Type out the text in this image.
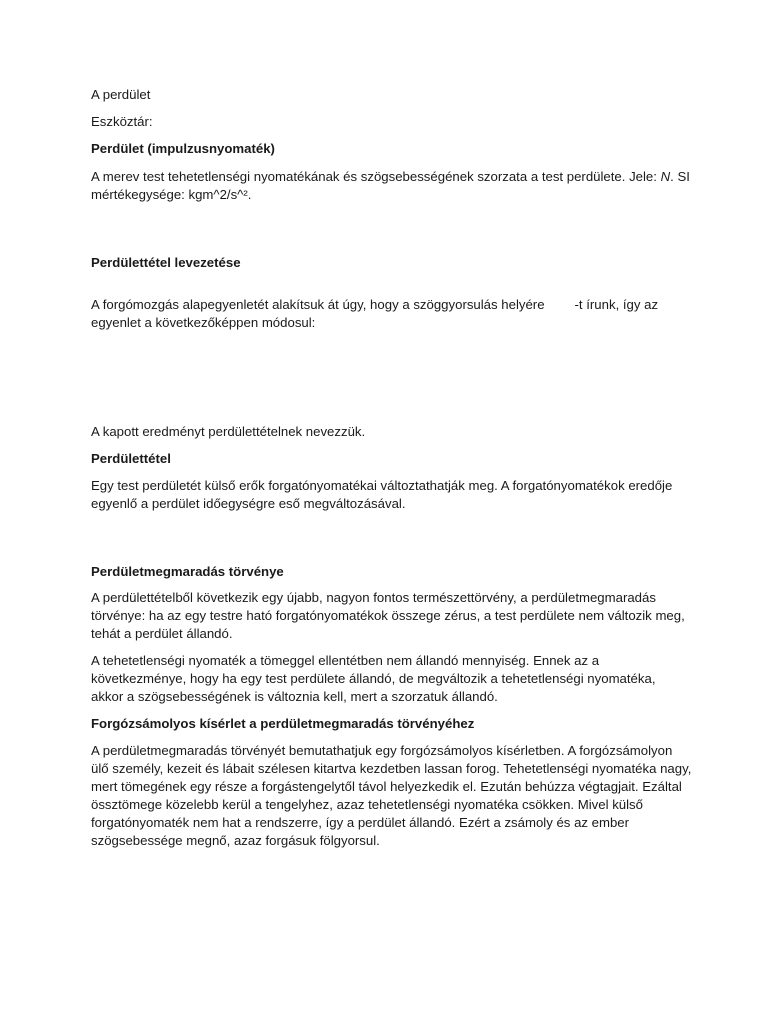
A perdület
Eszköztár:
Perdület (impulzusnyomaték)
A merev test tehetetlenségi nyomatékának és szögsebességének szorzata a test perdülete. Jele: N. SI
mértékegysége: kgm^2/s^².
Perdülettétel levezetése
A forgómozgás alapegyenletét alakítsuk át úgy, hogy a szöggyorsulás helyére -t írunk, így az
egyenlet a következőképpen módosul:
A kapott eredményt perdülettételnek nevezzük.
Perdülettétel
Egy test perdületét külső erők forgatónyomatékai változtathatják meg. A forgatónyomatékok eredője
egyenlő a perdület időegységre eső megváltozásával.
Perdületmegmaradás törvénye
A perdülettételből következik egy újabb, nagyon fontos természettörvény, a perdületmegmaradás
törvénye: ha az egy testre ható forgatónyomatékok összege zérus, a test perdülete nem változik meg,
tehát a perdület állandó.
A tehetetlenségi nyomaték a tömeggel ellentétben nem állandó mennyiség. Ennek az a
következménye, hogy ha egy test perdülete állandó, de megváltozik a tehetetlenségi nyomatéka,
akkor a szögsebességének is változnia kell, mert a szorzatuk állandó.
Forgózsámolyos kísérlet a perdületmegmaradás törvényéhez
A perdületmegmaradás törvényét bemutathatjuk egy forgózsámolyos kísérletben. A forgózsámolyon
ülő személy, kezeit és lábait szélesen kitartva kezdetben lassan forog. Tehetetlenségi nyomatéka nagy,
mert tömegének egy része a forgástengelytől távol helyezkedik el. Ezután behúzza végtagjait. Ezáltal
össztömege közelebb kerül a tengelyhez, azaz tehetetlenségi nyomatéka csökken. Mivel külső
forgatónyomaték nem hat a rendszerre, így a perdület állandó. Ezért a zsámoly és az ember
szögsebessége megnő, azaz forgásuk fölgyorsul.
